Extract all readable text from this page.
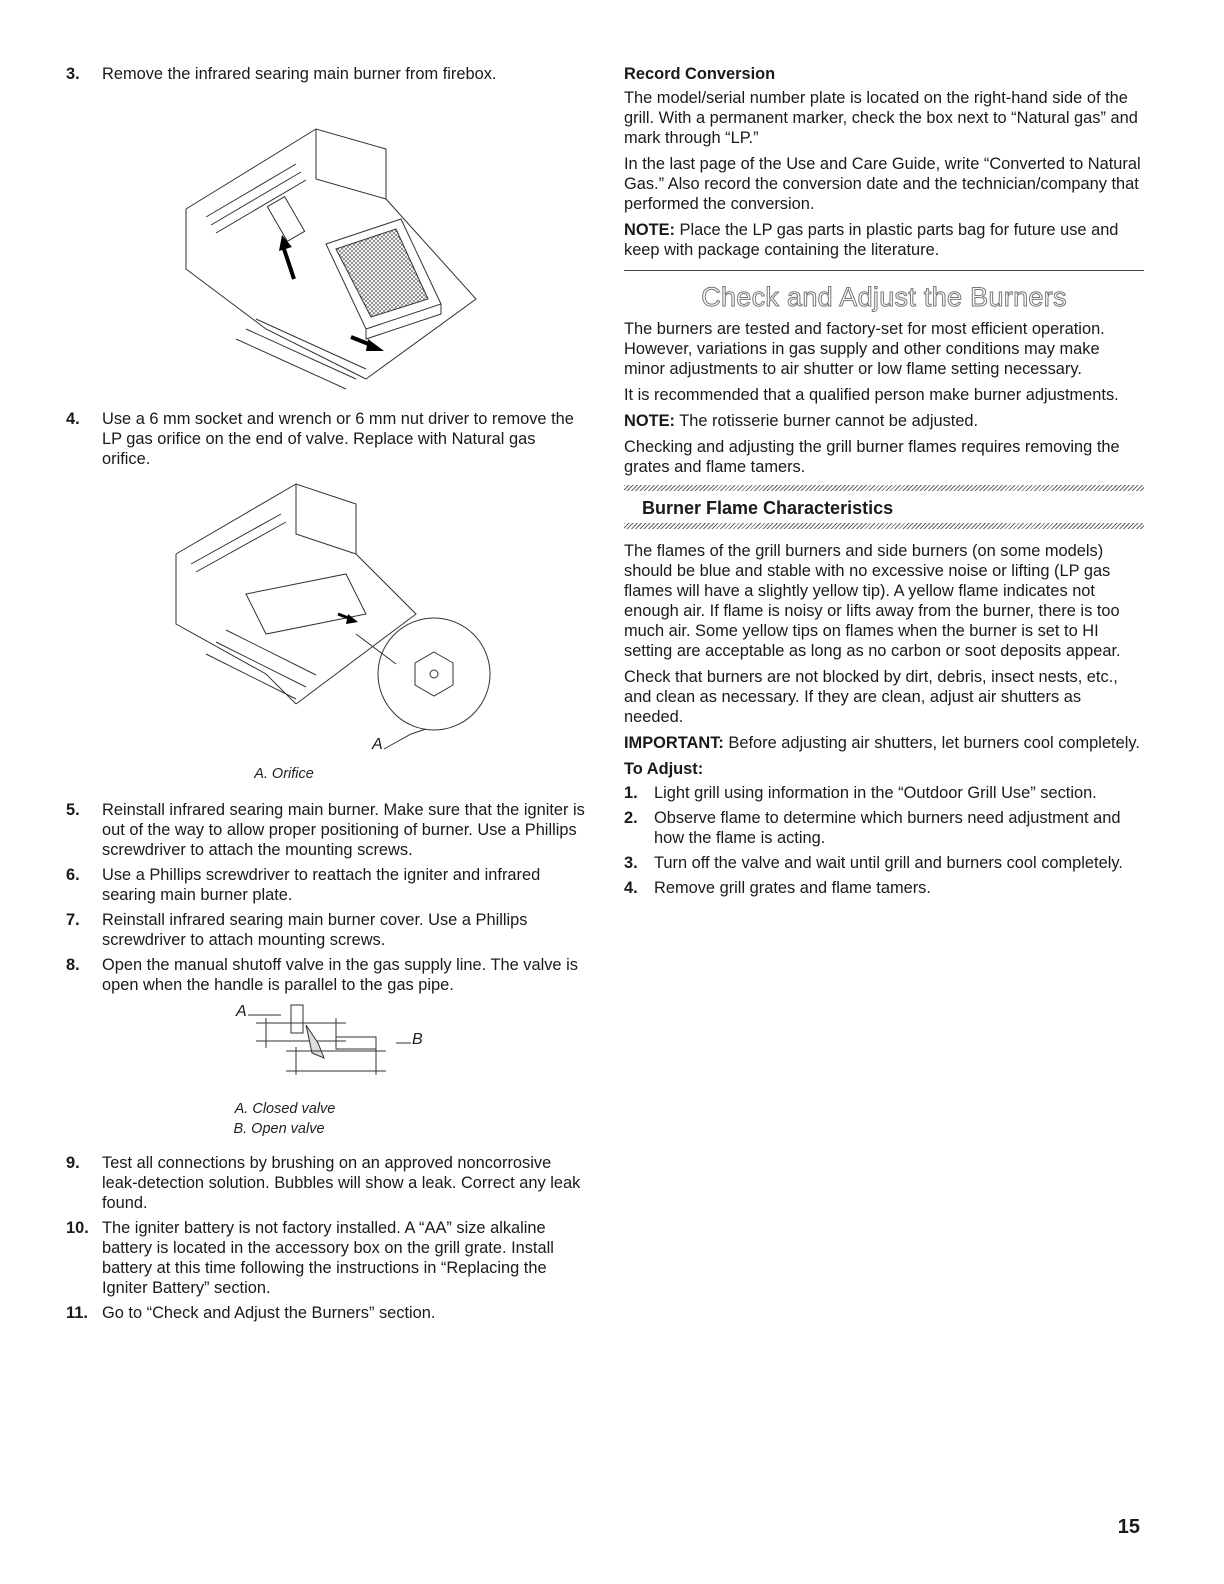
3.	Remove the infrared searing main burner from firebox.
4.	Use a 6 mm socket and wrench or 6 mm nut driver to remove the LP gas orifice on the end of valve. Replace with Natural gas orifice.
A
A. Orifice
5.	Reinstall infrared searing main burner. Make sure that the igniter is out of the way to allow proper positioning of burner. Use a Phillips screwdriver to attach the mounting screws.
6.	Use a Phillips screwdriver to reattach the igniter and infrared searing main burner plate.
7.	Reinstall infrared searing main burner cover. Use a Phillips screwdriver to attach mounting screws.
8.	Open the manual shutoff valve in the gas supply line. The valve is open when the handle is parallel to the gas pipe.
A
B
A. Closed valve
B. Open valve
9.	Test all connections by brushing on an approved noncorrosive leak-detection solution. Bubbles will show a leak. Correct any leak found.
10. The igniter battery is not factory installed. A “AA” size alkaline battery is located in the accessory box on the grill grate. Install battery at this time following the instructions in “Replacing the Igniter Battery” section.
11. Go to “Check and Adjust the Burners” section.
Record Conversion

The model/serial number plate is located on the right-hand side of the grill. With a permanent marker, check the box next to “Natural gas” and mark through “LP.”

In the last page of the Use and Care Guide, write “Converted to Natural Gas.” Also record the conversion date and the technician/company that performed the conversion.

NOTE: Place the LP gas parts in plastic parts bag for future use and keep with package containing the literature.

Check and Adjust the Burners

The burners are tested and factory-set for most efficient operation. However, variations in gas supply and other conditions may make minor adjustments to air shutter or low flame setting necessary.

It is recommended that a qualified person make burner adjustments.

NOTE: The rotisserie burner cannot be adjusted.

Checking and adjusting the grill burner flames requires removing the grates and flame tamers.

Burner Flame Characteristics

The flames of the grill burners and side burners (on some models) should be blue and stable with no excessive noise or lifting (LP gas flames will have a slightly yellow tip). A yellow flame indicates not enough air. If flame is noisy or lifts away from the burner, there is too much air. Some yellow tips on flames when the burner is set to HI setting are acceptable as long as no carbon or soot deposits appear.

Check that burners are not blocked by dirt, debris, insect nests, etc., and clean as necessary. If they are clean, adjust air shutters as needed.

IMPORTANT: Before adjusting air shutters, let burners cool completely.

To Adjust:
1. Light grill using information in the “Outdoor Grill Use” section.
2. Observe flame to determine which burners need adjustment and how the flame is acting.
3. Turn off the valve and wait until grill and burners cool completely.
4. Remove grill grates and flame tamers.
15
